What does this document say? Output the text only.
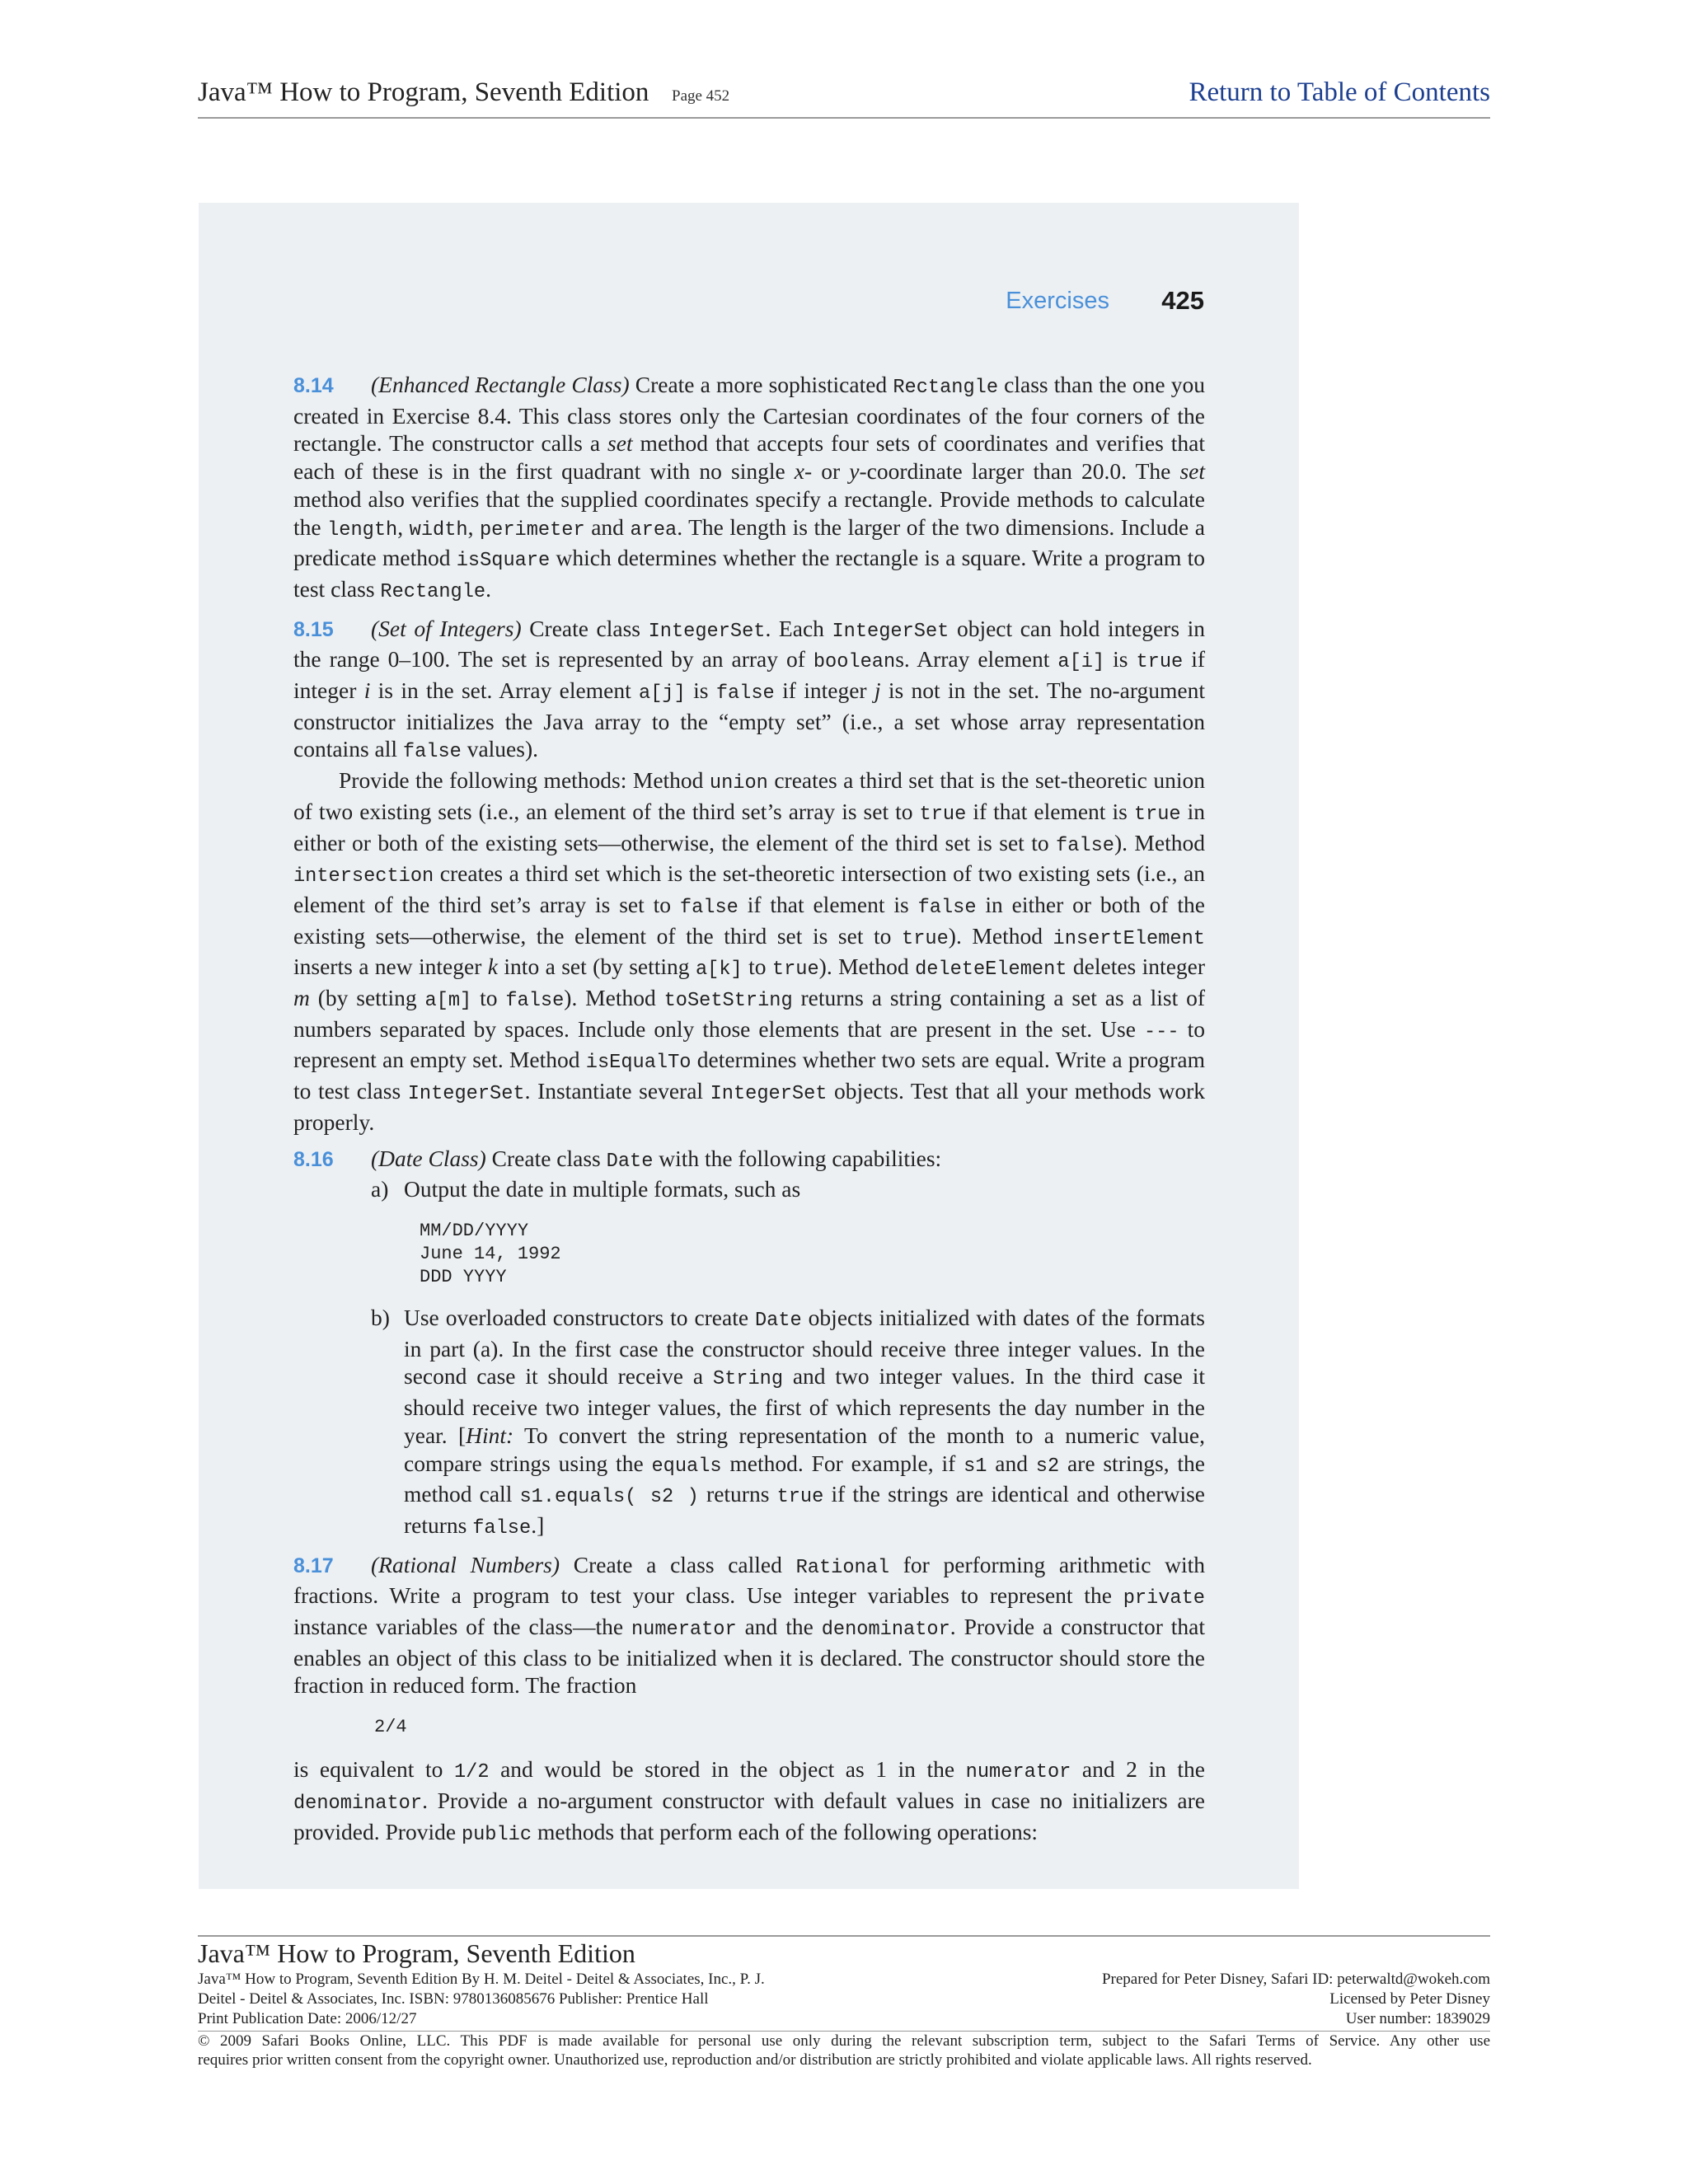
Java™ How to Program, Seventh Edition Page 452	Return to Table of Contents
Exercises 425

8.14 (Enhanced Rectangle Class) Create a more sophisticated Rectangle class than the one you created in Exercise 8.4. This class stores only the Cartesian coordinates of the four corners of the rectangle. The constructor calls a set method that accepts four sets of coordinates and verifies that each of these is in the first quadrant with no single x- or y-coordinate larger than 20.0. The set method also verifies that the supplied coordinates specify a rectangle. Provide methods to calculate the length, width, perimeter and area. The length is the larger of the two dimensions. Include a predicate method isSquare which determines whether the rectangle is a square. Write a program to test class Rectangle.

8.15 (Set of Integers) Create class IntegerSet. Each IntegerSet object can hold integers in the range 0–100. The set is represented by an array of booleans. Array element a[i] is true if integer i is in the set. Array element a[j] is false if integer j is not in the set. The no-argument constructor initializes the Java array to the “empty set” (i.e., a set whose array representation contains all false values).

Provide the following methods: Method union creates a third set that is the set-theoretic union of two existing sets (i.e., an element of the third set’s array is set to true if that element is true in either or both of the existing sets—otherwise, the element of the third set is set to false). Method intersection creates a third set which is the set-theoretic intersection of two existing sets (i.e., an element of the third set’s array is set to false if that element is false in either or both of the existing sets—otherwise, the element of the third set is set to true). Method insertElement inserts a new integer k into a set (by setting a[k] to true). Method deleteElement deletes integer m (by setting a[m] to false). Method toSetString returns a string containing a set as a list of numbers separated by spaces. Include only those elements that are present in the set. Use --- to represent an empty set. Method isEqualTo determines whether two sets are equal. Write a program to test class IntegerSet. Instantiate several IntegerSet objects. Test that all your methods work properly.

8.16 (Date Class) Create class Date with the following capabilities:

a) Output the date in multiple formats, such as

MM/DD/YYYY
June 14, 1992
DDD YYYY

b) Use overloaded constructors to create Date objects initialized with dates of the formats in part (a). In the first case the constructor should receive three integer values. In the second case it should receive a String and two integer values. In the third case it should receive two integer values, the first of which represents the day number in the year. [Hint: To convert the string representation of the month to a numeric value, compare strings using the equals method. For example, if s1 and s2 are strings, the method call s1.equals( s2 ) returns true if the strings are identical and otherwise returns false.]

8.17 (Rational Numbers) Create a class called Rational for performing arithmetic with fractions. Write a program to test your class. Use integer variables to represent the private instance variables of the class—the numerator and the denominator. Provide a constructor that enables an object of this class to be initialized when it is declared. The constructor should store the fraction in reduced form. The fraction

2/4

is equivalent to 1/2 and would be stored in the object as 1 in the numerator and 2 in the denominator. Provide a no-argument constructor with default values in case no initializers are provided. Provide public methods that perform each of the following operations:

Java™ How to Program, Seventh Edition
Java™ How to Program, Seventh Edition By H. M. Deitel - Deitel & Associates, Inc., P. J.	Prepared for Peter Disney, Safari ID: peterwaltd@wokeh.com
Deitel - Deitel & Associates, Inc. ISBN: 9780136085676 Publisher: Prentice Hall	Licensed by Peter Disney
Print Publication Date: 2006/12/27	User number: 1839029
© 2009 Safari Books Online, LLC. This PDF is made available for personal use only during the relevant subscription term, subject to the Safari Terms of Service. Any other use
requires prior written consent from the copyright owner. Unauthorized use, reproduction and/or distribution are strictly prohibited and violate applicable laws. All rights reserved.
